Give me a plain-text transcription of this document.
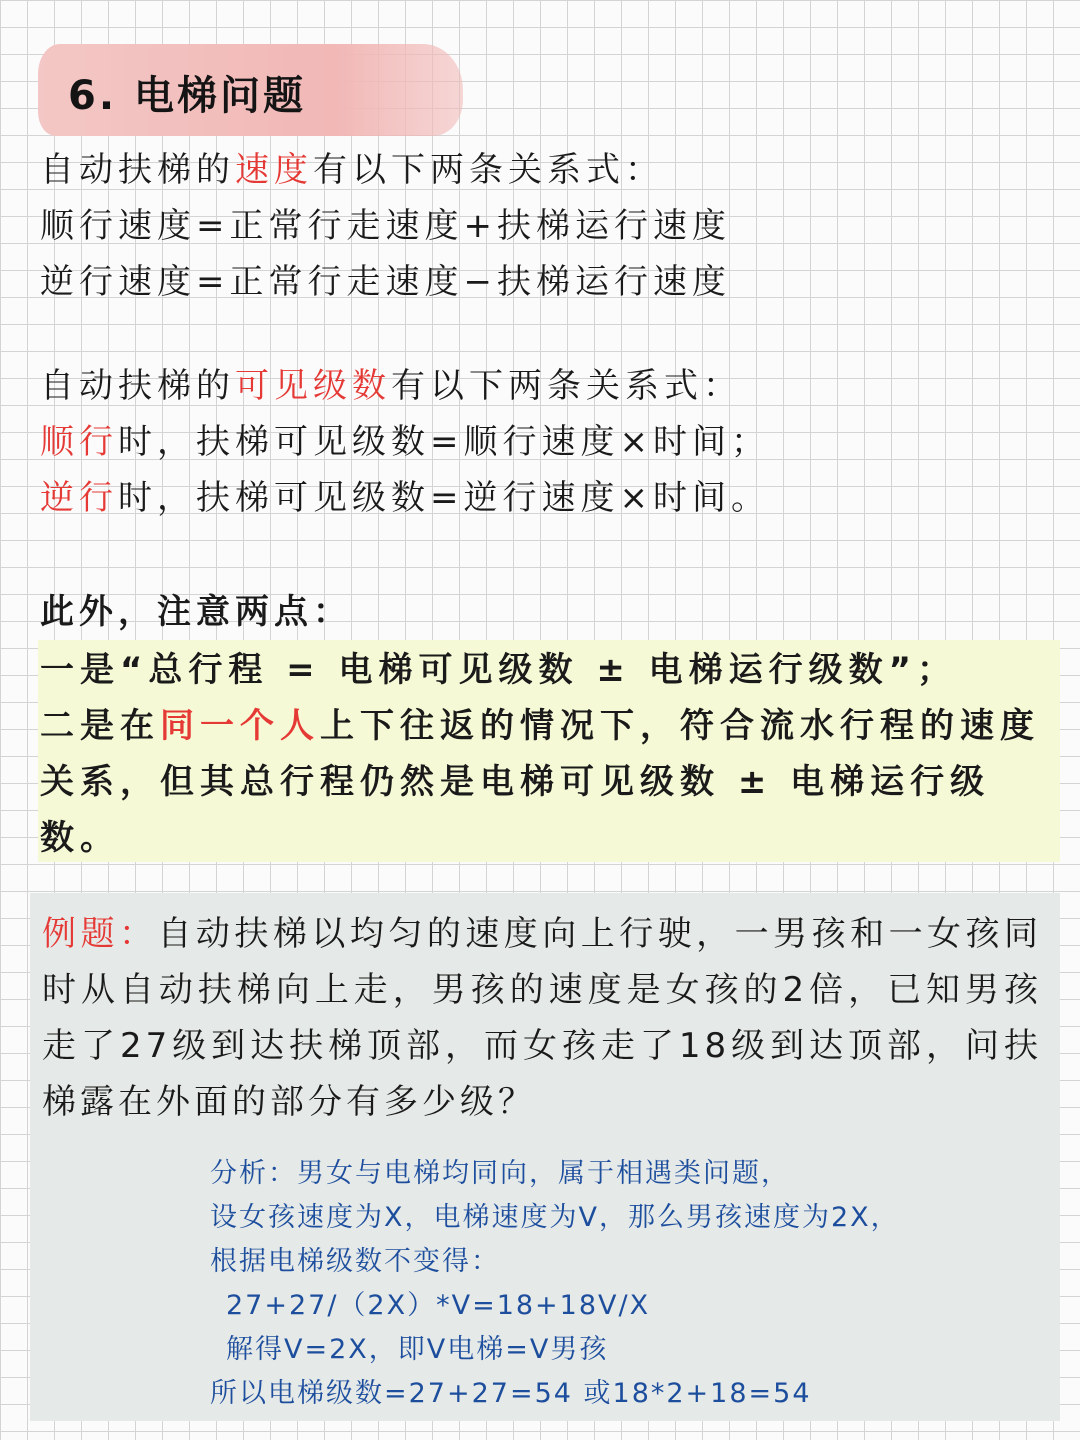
6. 电梯问题
自动扶梯的速度有以下两条关系式：
顺行速度=正常行走速度+扶梯运行速度
逆行速度=正常行走速度−扶梯运行速度
自动扶梯的可见级数有以下两条关系式：
顺行时，扶梯可见级数=顺行速度×时间；
逆行时，扶梯可见级数=逆行速度×时间。
此外，注意两点：
一是“总行程 = 电梯可见级数 ± 电梯运行级数”；
二是在同一个人上下往返的情况下，符合流水行程的速度关系，但其总行程仍然是电梯可见级数 ± 电梯运行级数。
例题：自动扶梯以均匀的速度向上行驶，一男孩和一女孩同时从自动扶梯向上走，男孩的速度是女孩的2倍，已知男孩走了27级到达扶梯顶部，而女孩走了18级到达顶部，问扶梯露在外面的部分有多少级？
分析：男女与电梯均同向，属于相遇类问题，
设女孩速度为X，电梯速度为V，那么男孩速度为2X，
根据电梯级数不变得：
27+27/（2X）*V=18+18V/X
解得V=2X，即V电梯=V男孩
所以电梯级数=27+27=54 或18*2+18=54
